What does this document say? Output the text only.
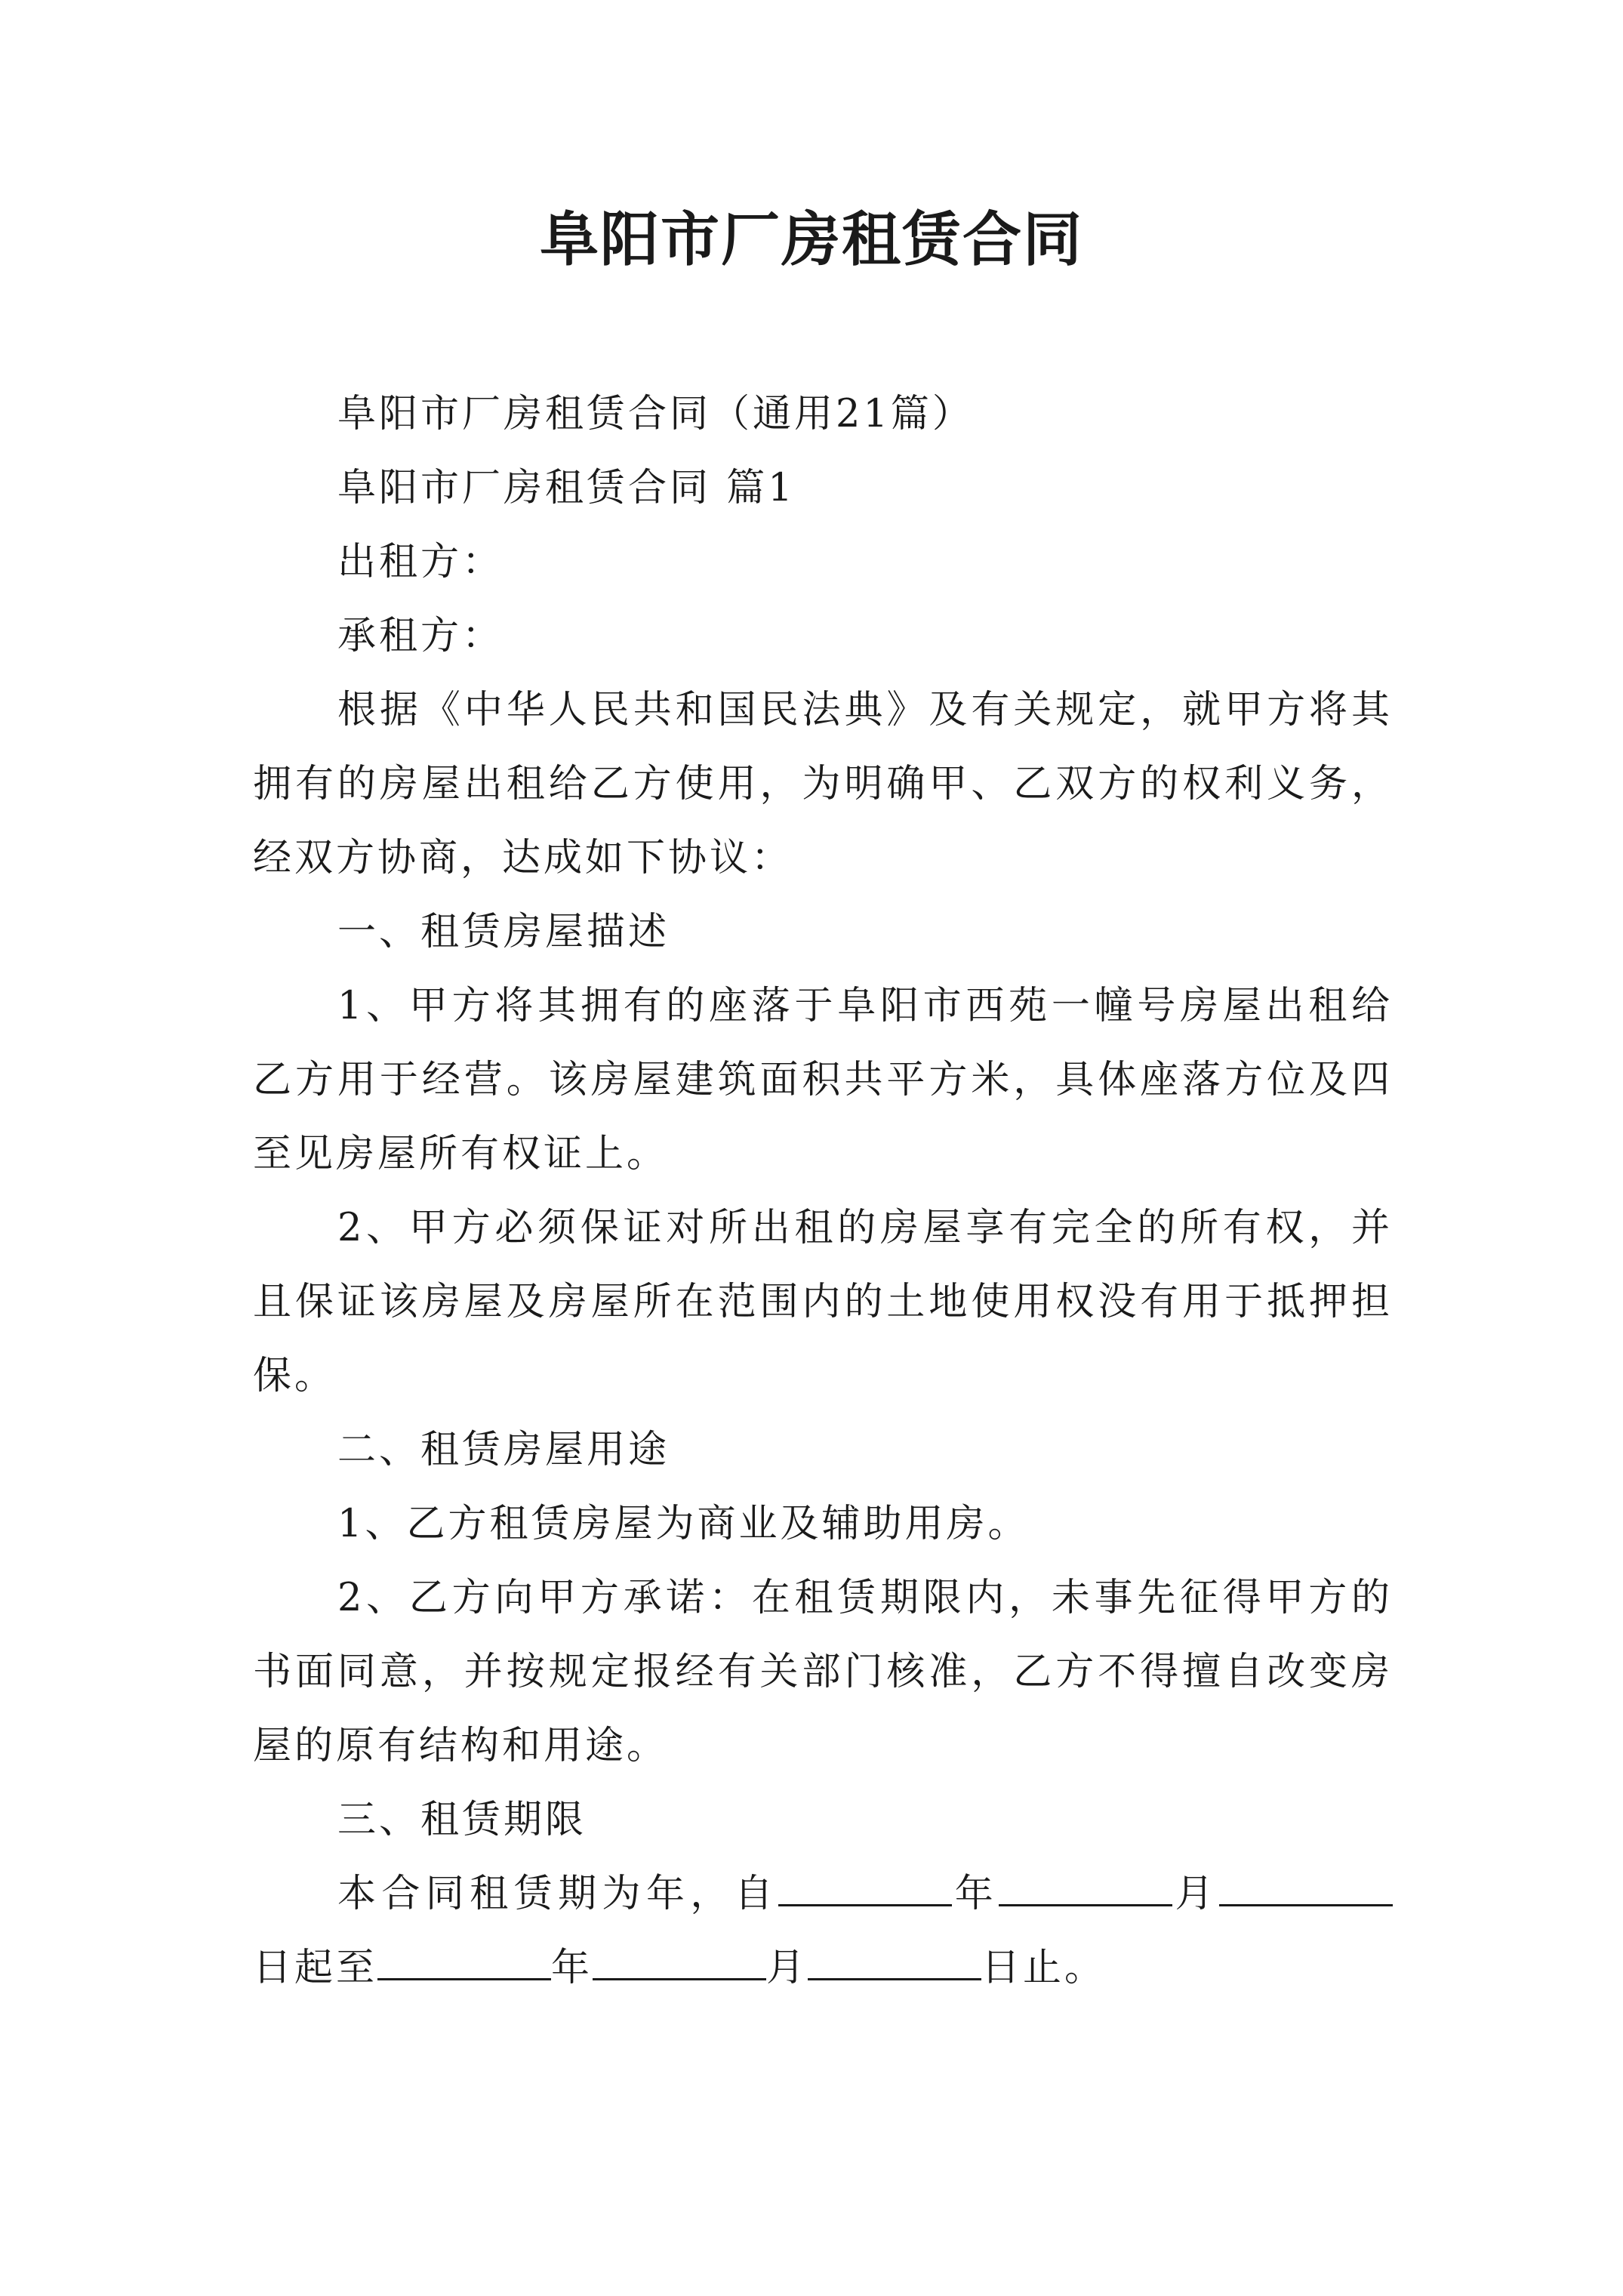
阜阳市厂房租赁合同

阜阳市厂房租赁合同（通用21篇）

阜阳市厂房租赁合同 篇1

出租方：

承租方：

根据《中华人民共和国民法典》及有关规定，就甲方将其拥有的房屋出租给乙方使用，为明确甲、乙双方的权利义务，经双方协商，达成如下协议：

一、租赁房屋描述

1、甲方将其拥有的座落于阜阳市西苑一幢号房屋出租给乙方用于经营。该房屋建筑面积共平方米，具体座落方位及四至见房屋所有权证上。

2、甲方必须保证对所出租的房屋享有完全的所有权，并且保证该房屋及房屋所在范围内的土地使用权没有用于抵押担保。

二、租赁房屋用途

1、乙方租赁房屋为商业及辅助用房。

2、乙方向甲方承诺：在租赁期限内，未事先征得甲方的书面同意，并按规定报经有关部门核准，乙方不得擅自改变房屋的原有结构和用途。

三、租赁期限

本合同租赁期为年，自	年	月日起至	年	月	日止。
